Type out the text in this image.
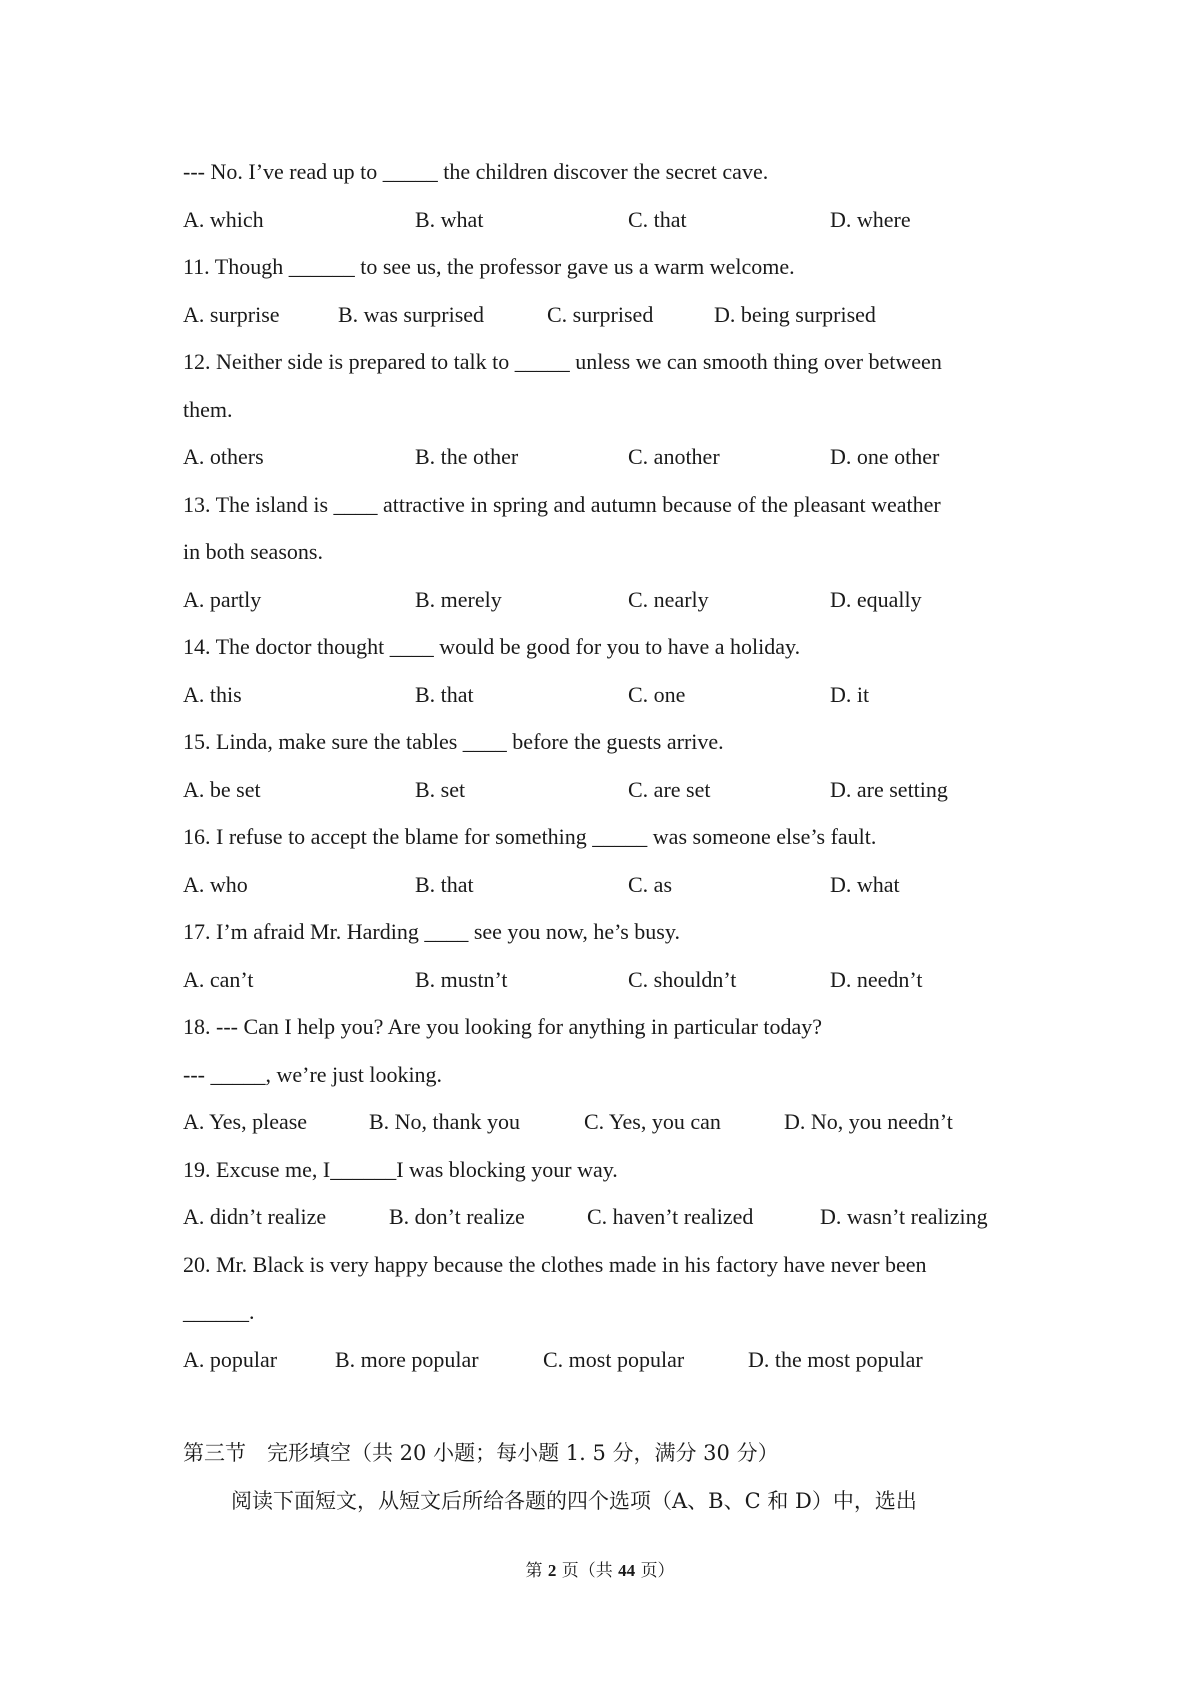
--- No. I’ve read up to _____ the children discover the secret cave.
A. which	B. what	C. that	D. where
11. Though ______ to see us, the professor gave us a warm welcome.
A. surprise	B. was surprised	C. surprised	D. being surprised
12. Neither side is prepared to talk to _____ unless we can smooth thing over between
them.
A. others	B. the other	C. another	D. one other
13. The island is ____ attractive in spring and autumn because of the pleasant weather
in both seasons.
A. partly	B. merely	C. nearly	D. equally
14. The doctor thought ____ would be good for you to have a holiday.
A. this	B. that	C. one	D. it
15. Linda, make sure the tables ____ before the guests arrive.
A. be set	B. set	C. are set	D. are setting
16. I refuse to accept the blame for something _____ was someone else’s fault.
A. who	B. that	C. as	D. what
17. I’m afraid Mr. Harding ____ see you now, he’s busy.
A. can’t	B. mustn’t	C. shouldn’t	D. needn’t
18. --- Can I help you? Are you looking for anything in particular today?
--- _____, we’re just looking.
A. Yes, please	B. No, thank you	C. Yes, you can	D. No, you needn’t
19. Excuse me, I______I was blocking your way.
A. didn’t realize	B. don’t realize	C. haven’t realized	D. wasn’t realizing
20. Mr. Black is very happy because the clothes made in his factory have never been
______.
A. popular	B. more popular	C. most popular	D. the most popular
第三节　完形填空（共 20 小题；每小题 1. 5 分，满分 30 分）
阅读下面短文，从短文后所给各题的四个选项（A、B、C 和 D）中，选出
第 2 页（共 44 页）
